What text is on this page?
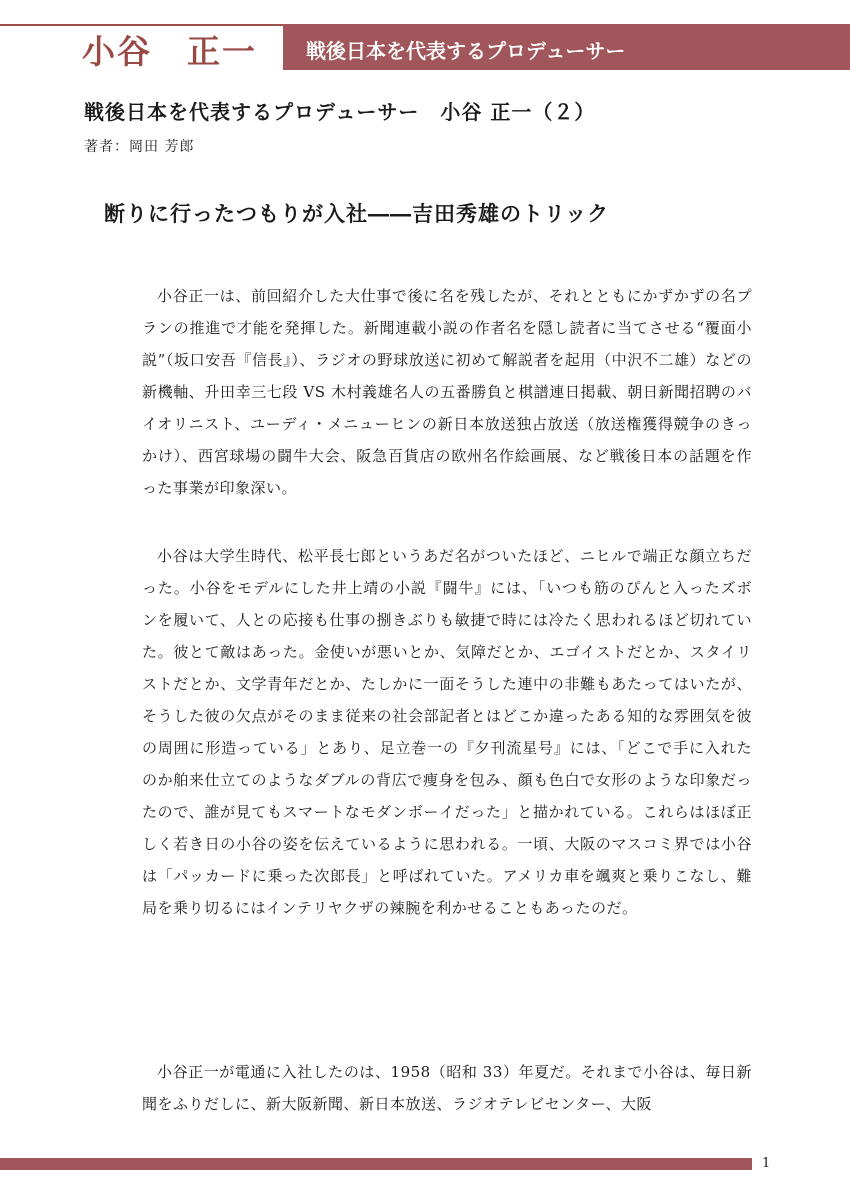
小谷　正一 戦後日本を代表するプロデューサー
戦後日本を代表するプロデューサー　小谷 正一（２）
著者：岡田 芳郎
断りに行ったつもりが入社――吉田秀雄のトリック

小谷正一は、前回紹介した大仕事で後に名を残したが、それとともにかずかずの名プランの推進で才能を発揮した。新聞連載小説の作者名を隠し読者に当てさせる“覆面小説”（坂口安吾『信長』）、ラジオの野球放送に初めて解説者を起用（中沢不二雄）などの新機軸、升田幸三七段 VS 木村義雄名人の五番勝負と棋譜連日掲載、朝日新聞招聘のバイオリニスト、ユーディ・メニューヒンの新日本放送独占放送（放送権獲得競争のきっかけ）、西宮球場の闘牛大会、阪急百貨店の欧州名作絵画展、など戦後日本の話題を作った事業が印象深い。

小谷は大学生時代、松平長七郎というあだ名がついたほど、ニヒルで端正な顔立ちだった。小谷をモデルにした井上靖の小説『闘牛』には、「いつも筋のぴんと入ったズボンを履いて、人との応接も仕事の捌きぶりも敏捷で時には冷たく思われるほど切れていた。彼とて敵はあった。金使いが悪いとか、気障だとか、エゴイストだとか、スタイリストだとか、文学青年だとか、たしかに一面そうした連中の非難もあたってはいたが、そうした彼の欠点がそのまま従来の社会部記者とはどこか違ったある知的な雰囲気を彼の周囲に形造っている」とあり、足立巻一の『夕刊流星号』には、「どこで手に入れたのか舶来仕立てのようなダブルの背広で痩身を包み、顔も色白で女形のような印象だったので、誰が見てもスマートなモダンボーイだった」と描かれている。これらはほぼ正しく若き日の小谷の姿を伝えているように思われる。一頃、大阪のマスコミ界では小谷は「パッカードに乗った次郎長」と呼ばれていた。アメリカ車を颯爽と乗りこなし、難局を乗り切るにはインテリヤクザの辣腕を利かせることもあったのだ。

小谷正一が電通に入社したのは、1958（昭和 33）年夏だ。それまで小谷は、毎日新聞をふりだしに、新大阪新聞、新日本放送、ラジオテレビセンター、大阪

1
